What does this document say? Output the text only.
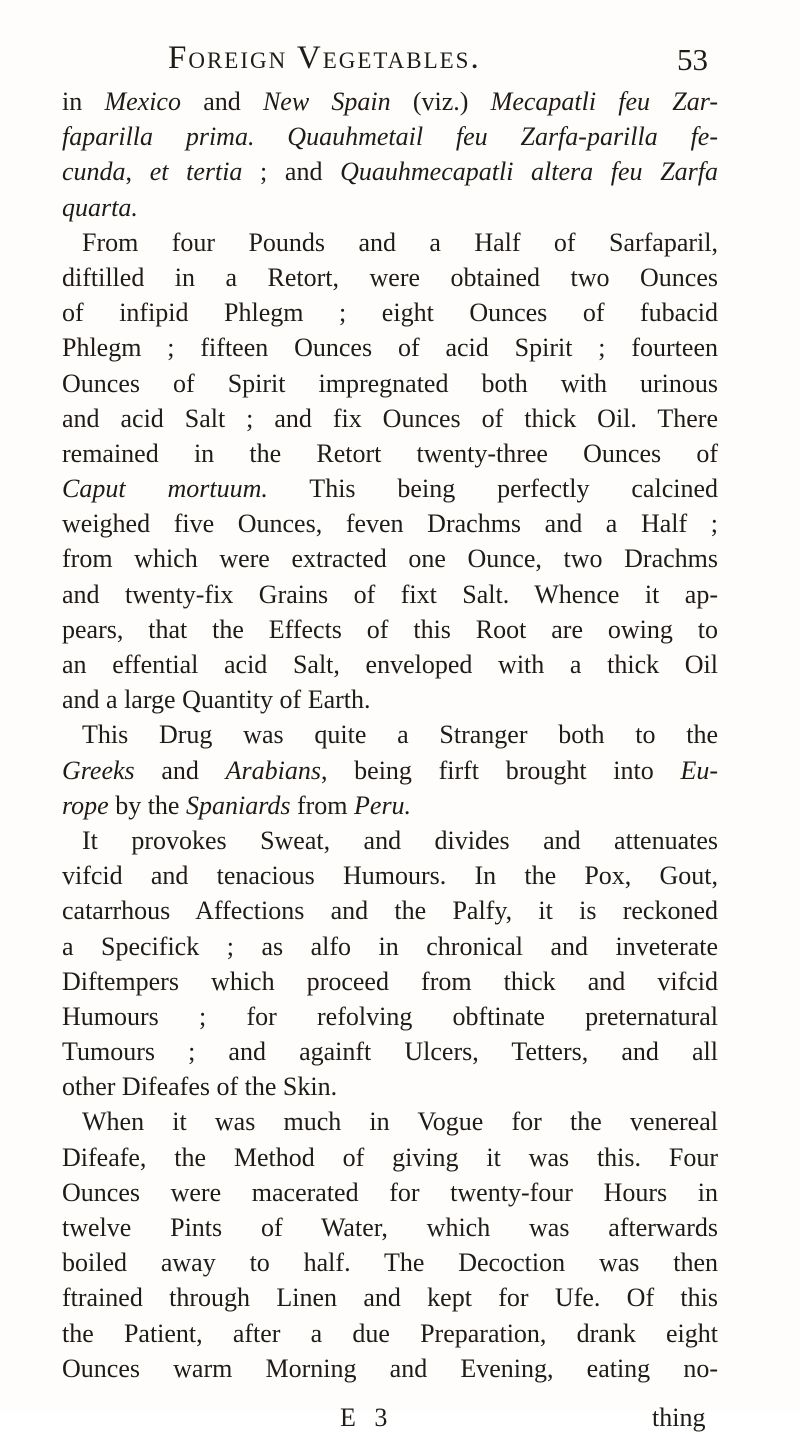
Foreign Vegetables.	53
in Mexico and New Spain (viz.) Mecapatli feu Zar-
faparilla prima. Quauhmetail feu Zarfa-parilla fe-
cunda, et tertia ; and Quauhmecapatli altera feu Zarfa
quarta.
From four Pounds and a Half of Sarfaparil,
diftilled in a Retort, were obtained two Ounces
of infipid Phlegm ; eight Ounces of fubacid
Phlegm ; fifteen Ounces of acid Spirit ; fourteen
Ounces of Spirit impregnated both with urinous
and acid Salt ; and fix Ounces of thick Oil. There
remained in the Retort twenty-three Ounces of
Caput mortuum. This being perfectly calcined
weighed five Ounces, feven Drachms and a Half ;
from which were extracted one Ounce, two Drachms
and twenty-fix Grains of fixt Salt. Whence it ap-
pears, that the Effects of this Root are owing to
an effential acid Salt, enveloped with a thick Oil
and a large Quantity of Earth.
This Drug was quite a Stranger both to the
Greeks and Arabians, being firft brought into Eu-
rope by the Spaniards from Peru.
It provokes Sweat, and divides and attenuates
vifcid and tenacious Humours. In the Pox, Gout,
catarrhous Affections and the Palfy, it is reckoned
a Specifick ; as alfo in chronical and inveterate
Diftempers which proceed from thick and vifcid
Humours ; for refolving obftinate preternatural
Tumours ; and againft Ulcers, Tetters, and all
other Difeafes of the Skin.
When it was much in Vogue for the venereal
Difeafe, the Method of giving it was this. Four
Ounces were macerated for twenty-four Hours in
twelve Pints of Water, which was afterwards
boiled away to half. The Decoction was then
ftrained through Linen and kept for Ufe. Of this
the Patient, after a due Preparation, drank eight
Ounces warm Morning and Evening, eating no-
E 3	thing
